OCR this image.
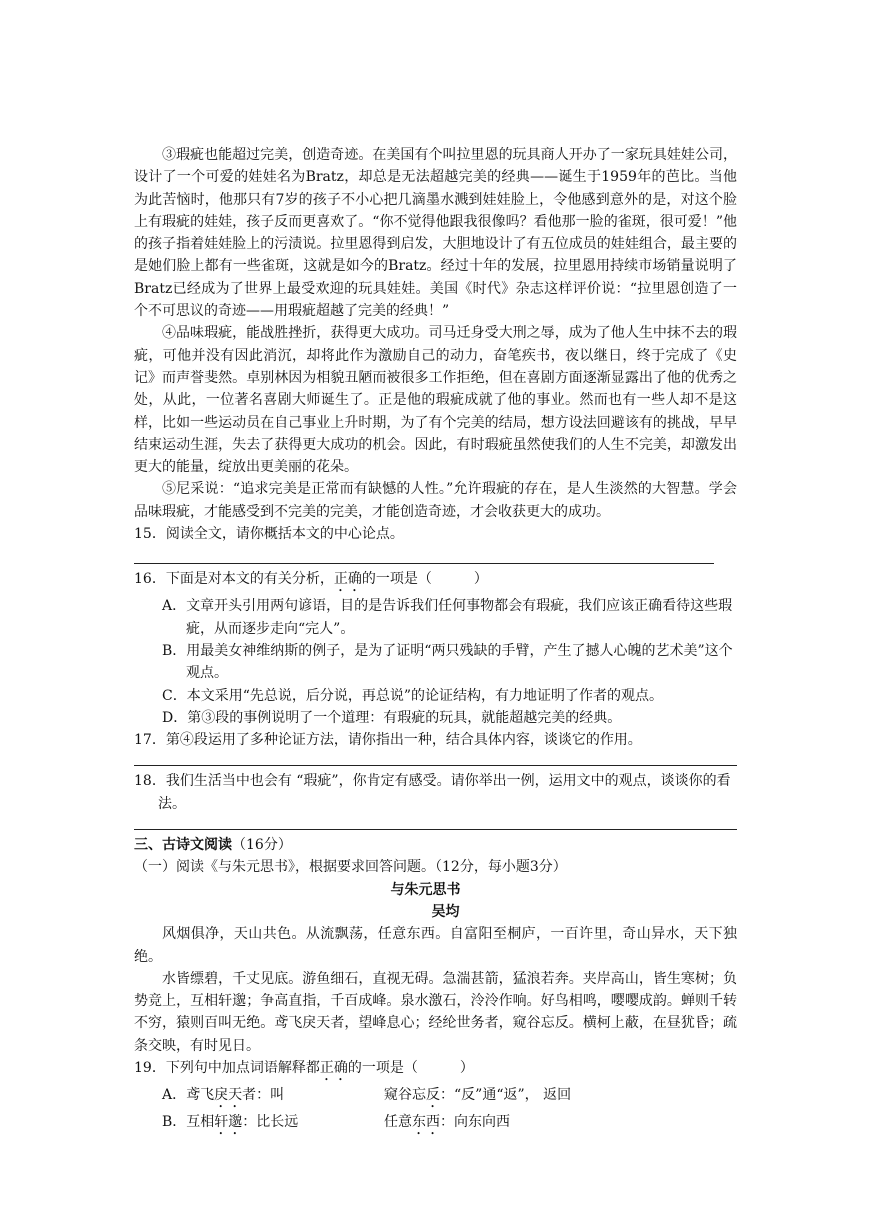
③瑕疵也能超过完美，创造奇迹。在美国有个叫拉里恩的玩具商人开办了一家玩具娃娃公司，设计了一个可爱的娃娃名为Bratz，却总是无法超越完美的经典——诞生于1959年的芭比。当他为此苦恼时，他那只有7岁的孩子不小心把几滴墨水溅到娃娃脸上，令他感到意外的是，对这个脸上有瑕疵的娃娃，孩子反而更喜欢了。“你不觉得他跟我很像吗？看他那一脸的雀斑，很可爱！”他的孩子指着娃娃脸上的污渍说。拉里恩得到启发，大胆地设计了有五位成员的娃娃组合，最主要的是她们脸上都有一些雀斑，这就是如今的Bratz。经过十年的发展，拉里恩用持续市场销量说明了Bratz已经成为了世界上最受欢迎的玩具娃娃。美国《时代》杂志这样评价说：“拉里恩创造了一个不可思议的奇迹——用瑕疵超越了完美的经典！”

④品味瑕疵，能战胜挫折，获得更大成功。司马迁身受大刑之辱，成为了他人生中抹不去的瑕疵，可他并没有因此消沉，却将此作为激励自己的动力，奋笔疾书，夜以继日，终于完成了《史记》而声誉斐然。卓别林因为相貌丑陋而被很多工作拒绝，但在喜剧方面逐渐显露出了他的优秀之处，从此，一位著名喜剧大师诞生了。正是他的瑕疵成就了他的事业。然而也有一些人却不是这样，比如一些运动员在自己事业上升时期，为了有个完美的结局，想方设法回避该有的挑战，早早结束运动生涯，失去了获得更大成功的机会。因此，有时瑕疵虽然使我们的人生不完美，却激发出更大的能量，绽放出更美丽的花朵。

⑤尼采说：“追求完美是正常而有缺憾的人性。”允许瑕疵的存在，是人生淡然的大智慧。学会品味瑕疵，才能感受到不完美的完美，才能创造奇迹，才会收获更大的成功。

15．阅读全文，请你概括本文的中心论点。

16．下面是对本文的有关分析，正确的一项是（　　　）

A．文章开头引用两句谚语，目的是告诉我们任何事物都会有瑕疵，我们应该正确看待这些瑕疵，从而逐步走向“完人”。

B．用最美女神维纳斯的例子，是为了证明“两只残缺的手臂，产生了撼人心魄的艺术美”这个观点。

C．本文采用“先总说，后分说，再总说”的论证结构，有力地证明了作者的观点。

D．第③段的事例说明了一个道理：有瑕疵的玩具，就能超越完美的经典。

17．第④段运用了多种论证方法，请你指出一种，结合具体内容，谈谈它的作用。

18．我们生活当中也会有 “瑕疵”，你肯定有感受。请你举出一例，运用文中的观点，谈谈你的看法。

三、古诗文阅读（16分）

（一）阅读《与朱元思书》，根据要求回答问题。（12分，每小题3分）

与朱元思书

吴均

风烟俱净，天山共色。从流飘荡，任意东西。自富阳至桐庐，一百许里，奇山异水，天下独绝。

水皆缥碧，千丈见底。游鱼细石，直视无碍。急湍甚箭，猛浪若奔。夹岸高山，皆生寒树；负势竞上，互相轩邈；争高直指，千百成峰。泉水激石，泠泠作响。好鸟相鸣，嘤嘤成韵。蝉则千转不穷，猿则百叫无绝。鸢飞戾天者，望峰息心；经纶世务者，窥谷忘反。横柯上蔽，在昼犹昏；疏条交映，有时见日。

19．下列句中加点词语解释都正确的一项是（　　　）

A．鸢飞戾天者：叫	窥谷忘反：“反”通“返”， 返回

B．互相轩邈：比长远	任意东西：向东向西
